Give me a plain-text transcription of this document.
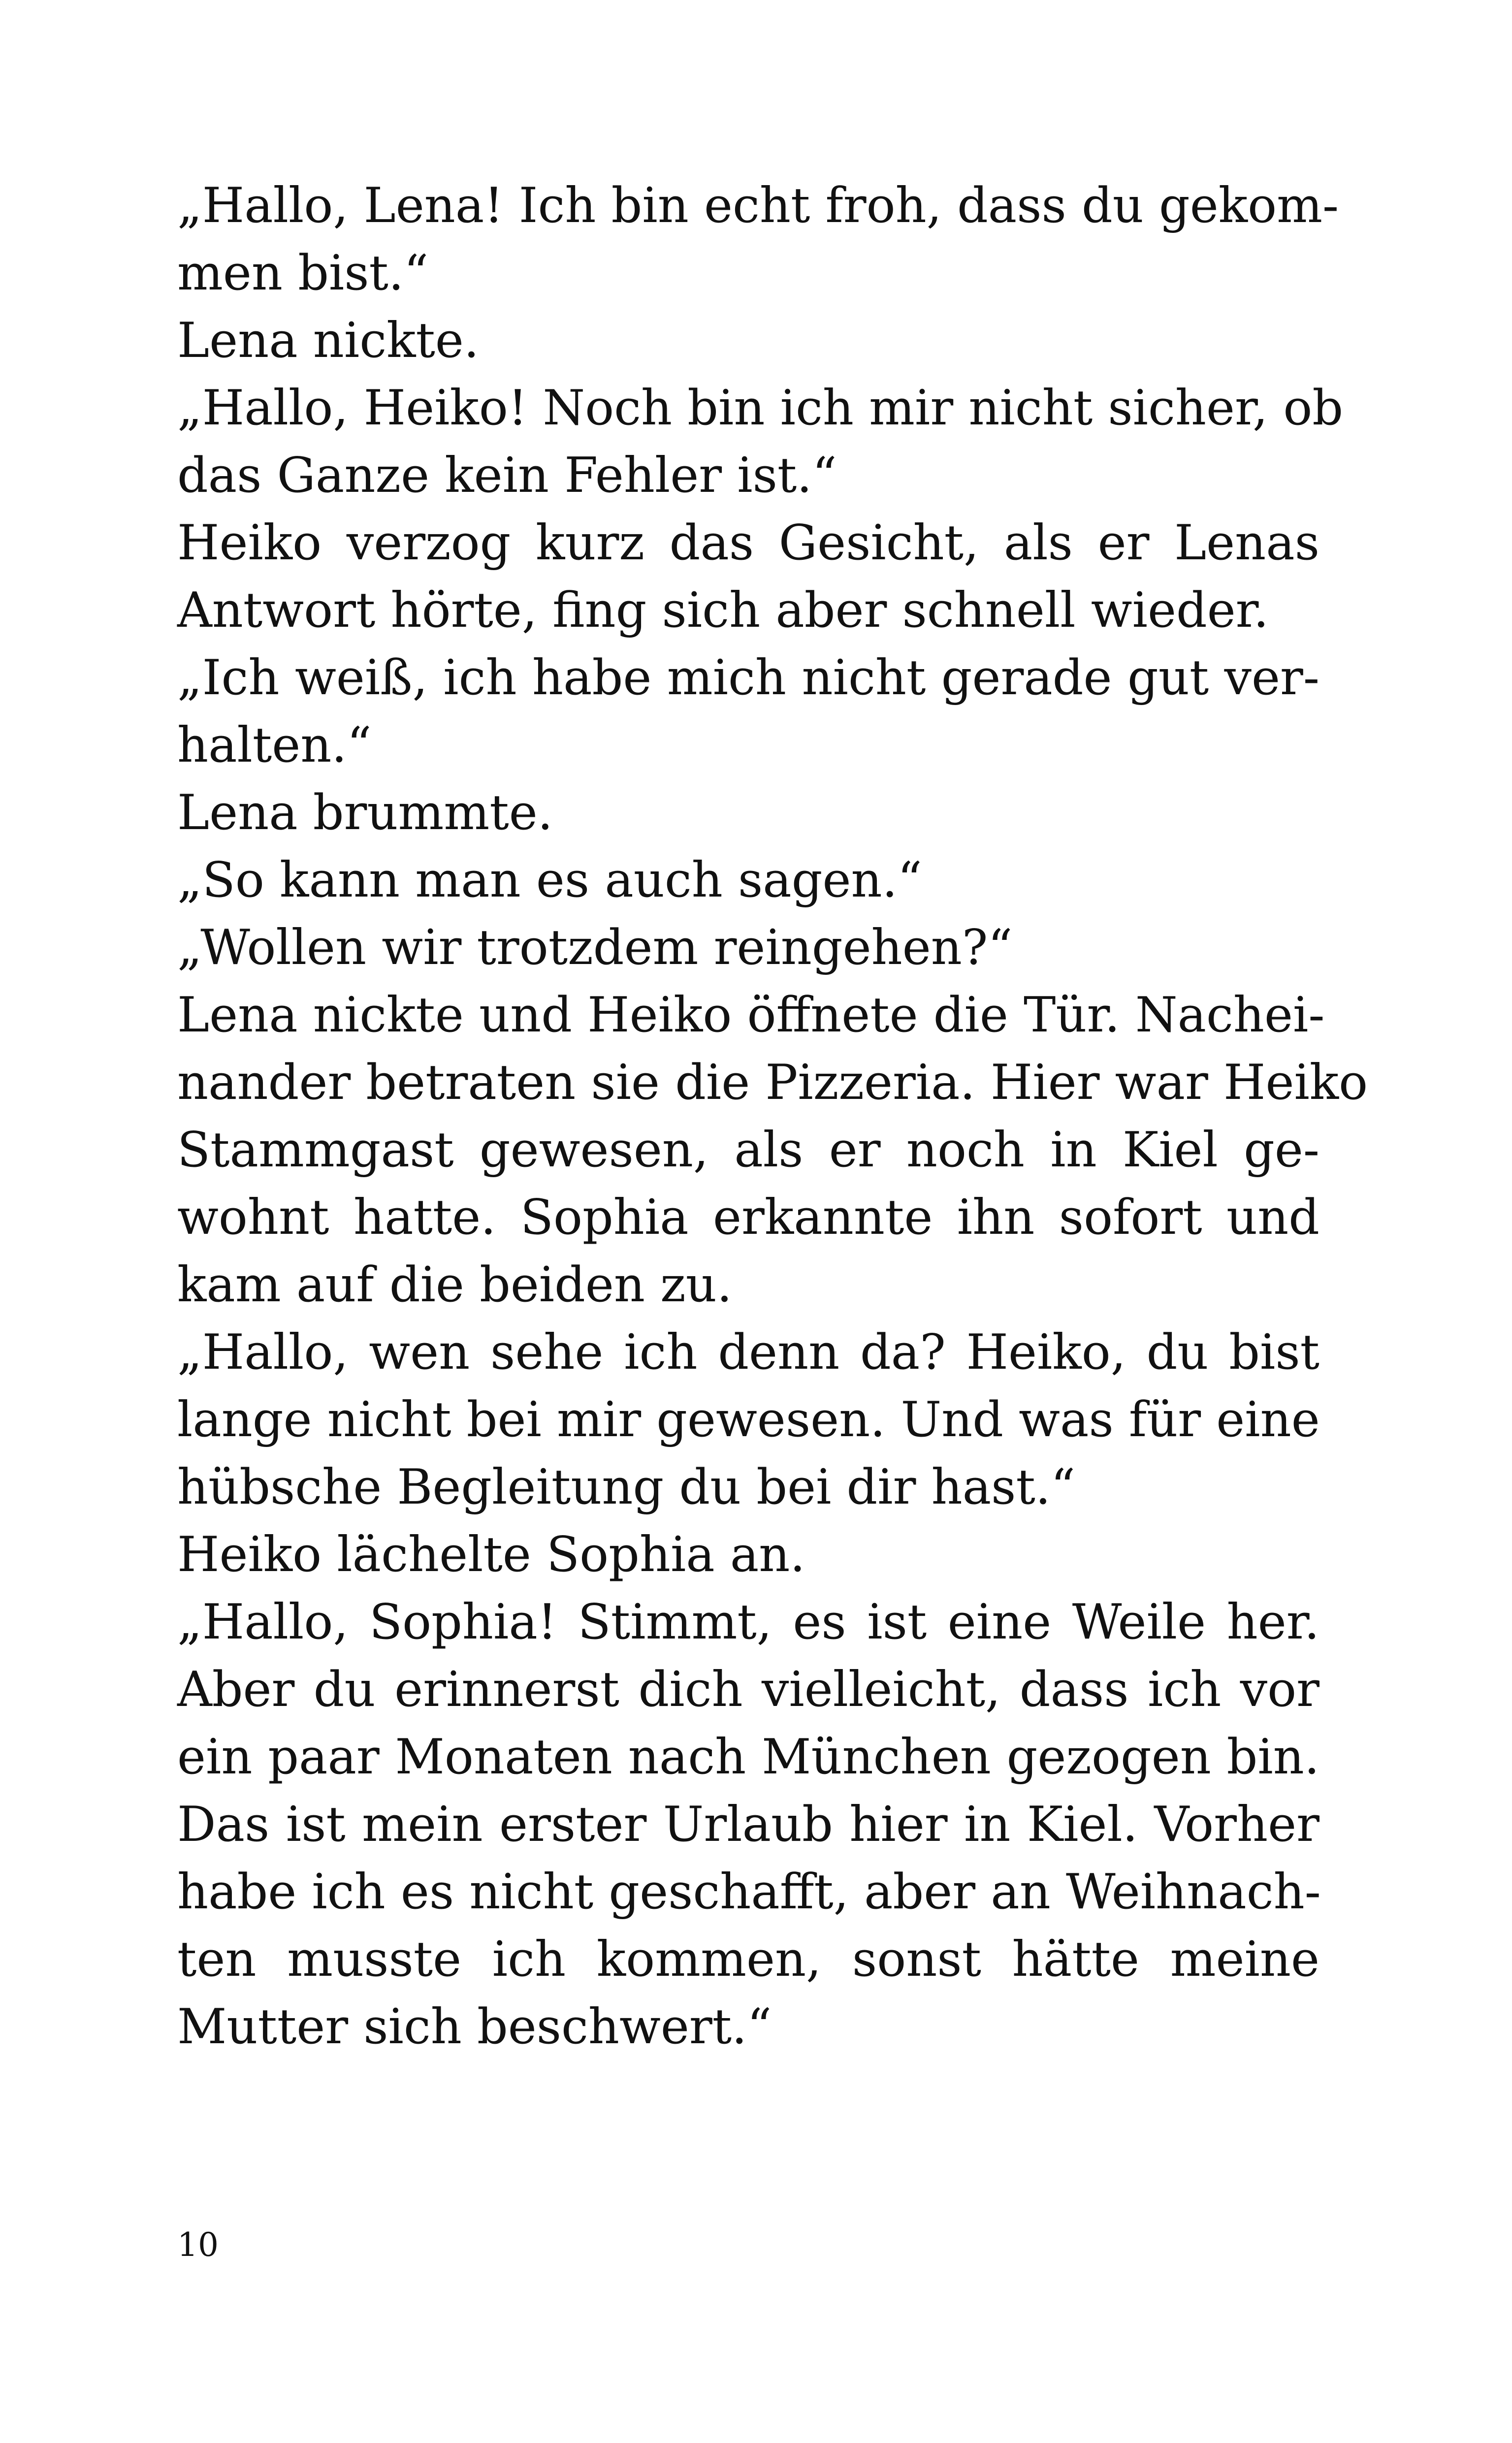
„Hallo, Lena! Ich bin echt froh, dass du gekom-
men bist.“
Lena nickte.
„Hallo, Heiko! Noch bin ich mir nicht sicher, ob
das Ganze kein Fehler ist.“
Heiko verzog kurz das Gesicht, als er Lenas
Antwort hörte, fing sich aber schnell wieder.
„Ich weiß, ich habe mich nicht gerade gut ver-
halten.“
Lena brummte.
„So kann man es auch sagen.“
„Wollen wir trotzdem reingehen?“
Lena nickte und Heiko öffnete die Tür. Nachei-
nander betraten sie die Pizzeria. Hier war Heiko
Stammgast gewesen, als er noch in Kiel ge-
wohnt hatte. Sophia erkannte ihn sofort und
kam auf die beiden zu.
„Hallo, wen sehe ich denn da? Heiko, du bist
lange nicht bei mir gewesen. Und was für eine
hübsche Begleitung du bei dir hast.“
Heiko lächelte Sophia an.
„Hallo, Sophia! Stimmt, es ist eine Weile her.
Aber du erinnerst dich vielleicht, dass ich vor
ein paar Monaten nach München gezogen bin.
Das ist mein erster Urlaub hier in Kiel. Vorher
habe ich es nicht geschafft, aber an Weihnach-
ten musste ich kommen, sonst hätte meine
Mutter sich beschwert.“
10
